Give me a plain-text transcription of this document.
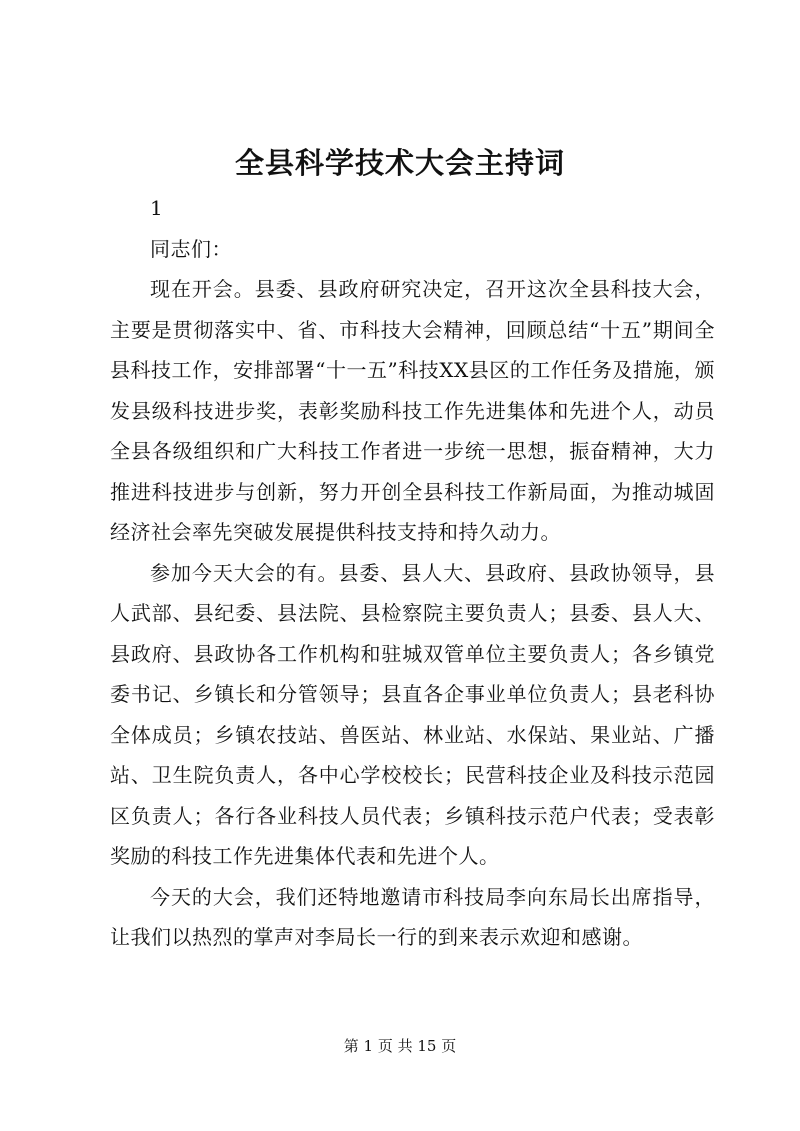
全县科学技术大会主持词

1

同志们：

现在开会。县委、县政府研究决定，召开这次全县科技大会，主要是贯彻落实中、省、市科技大会精神，回顾总结“十五”期间全县科技工作，安排部署“十一五”科技XX县区的工作任务及措施，颁发县级科技进步奖，表彰奖励科技工作先进集体和先进个人，动员全县各级组织和广大科技工作者进一步统一思想，振奋精神，大力推进科技进步与创新，努力开创全县科技工作新局面，为推动城固经济社会率先突破发展提供科技支持和持久动力。

参加今天大会的有。县委、县人大、县政府、县政协领导，县人武部、县纪委、县法院、县检察院主要负责人；县委、县人大、县政府、县政协各工作机构和驻城双管单位主要负责人；各乡镇党委书记、乡镇长和分管领导；县直各企事业单位负责人；县老科协全体成员；乡镇农技站、兽医站、林业站、水保站、果业站、广播站、卫生院负责人，各中心学校校长；民营科技企业及科技示范园区负责人；各行各业科技人员代表；乡镇科技示范户代表；受表彰奖励的科技工作先进集体代表和先进个人。

今天的大会，我们还特地邀请市科技局李向东局长出席指导，让我们以热烈的掌声对李局长一行的到来表示欢迎和感谢。

第 1 页 共 15 页
